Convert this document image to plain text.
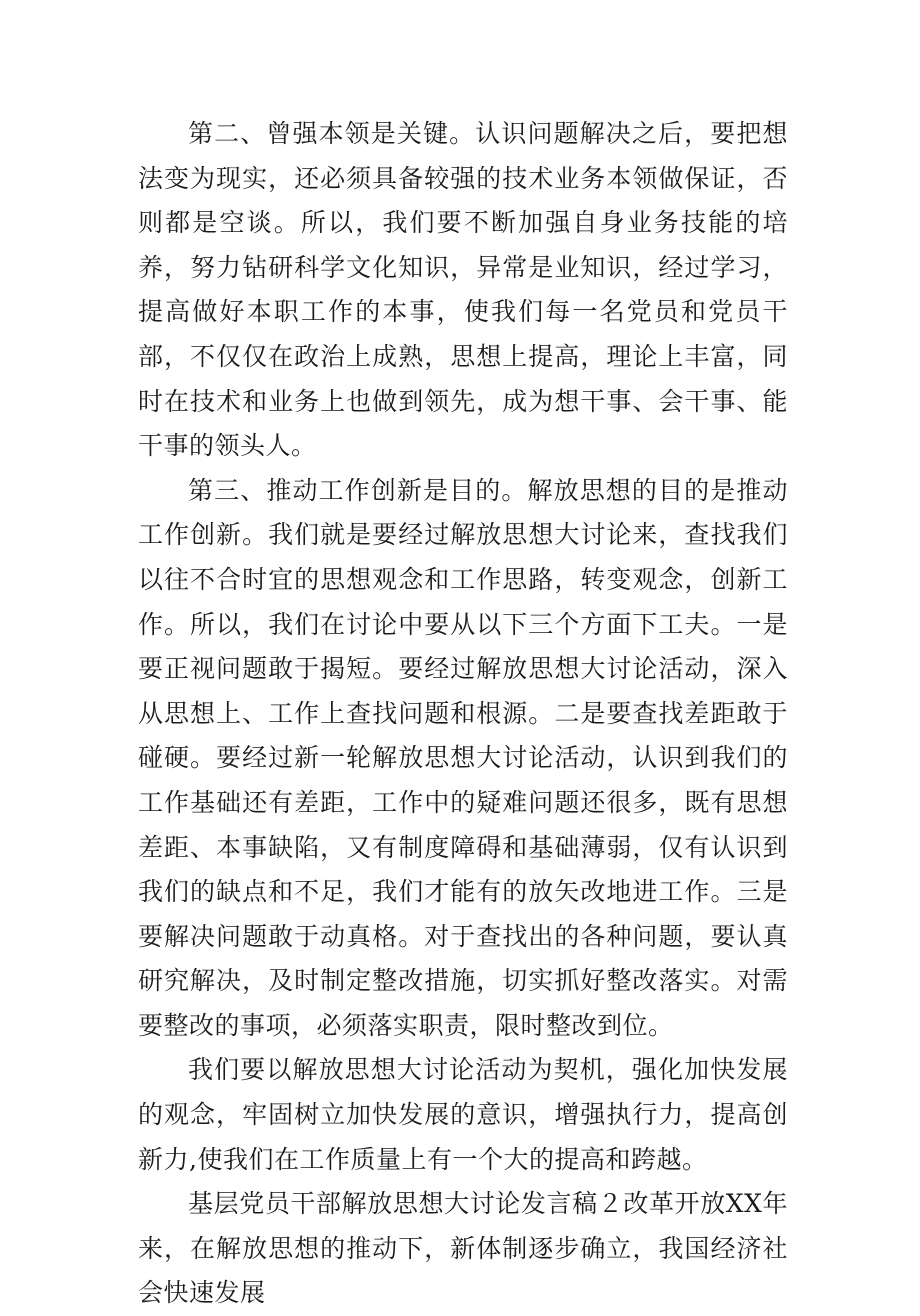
第二、曾强本领是关键。认识问题解决之后，要把想法变为现实，还必须具备较强的技术业务本领做保证，否则都是空谈。所以，我们要不断加强自身业务技能的培养，努力钻研科学文化知识，异常是业知识，经过学习，提高做好本职工作的本事，使我们每一名党员和党员干部，不仅仅在政治上成熟，思想上提高，理论上丰富，同时在技术和业务上也做到领先，成为想干事、会干事、能干事的领头人。

第三、推动工作创新是目的。解放思想的目的是推动工作创新。我们就是要经过解放思想大讨论来，查找我们以往不合时宜的思想观念和工作思路，转变观念，创新工作。所以，我们在讨论中要从以下三个方面下工夫。一是要正视问题敢于揭短。要经过解放思想大讨论活动，深入从思想上、工作上查找问题和根源。二是要查找差距敢于碰硬。要经过新一轮解放思想大讨论活动，认识到我们的工作基础还有差距，工作中的疑难问题还很多，既有思想差距、本事缺陷，又有制度障碍和基础薄弱，仅有认识到我们的缺点和不足，我们才能有的放矢改地进工作。三是要解决问题敢于动真格。对于查找出的各种问题，要认真研究解决，及时制定整改措施，切实抓好整改落实。对需要整改的事项，必须落实职责，限时整改到位。

我们要以解放思想大讨论活动为契机，强化加快发展的观念，牢固树立加快发展的意识，增强执行力，提高创新力,使我们在工作质量上有一个大的提高和跨越。

基层党员干部解放思想大讨论发言稿２改革开放XX年来，在解放思想的推动下，新体制逐步确立，我国经济社会快速发展
